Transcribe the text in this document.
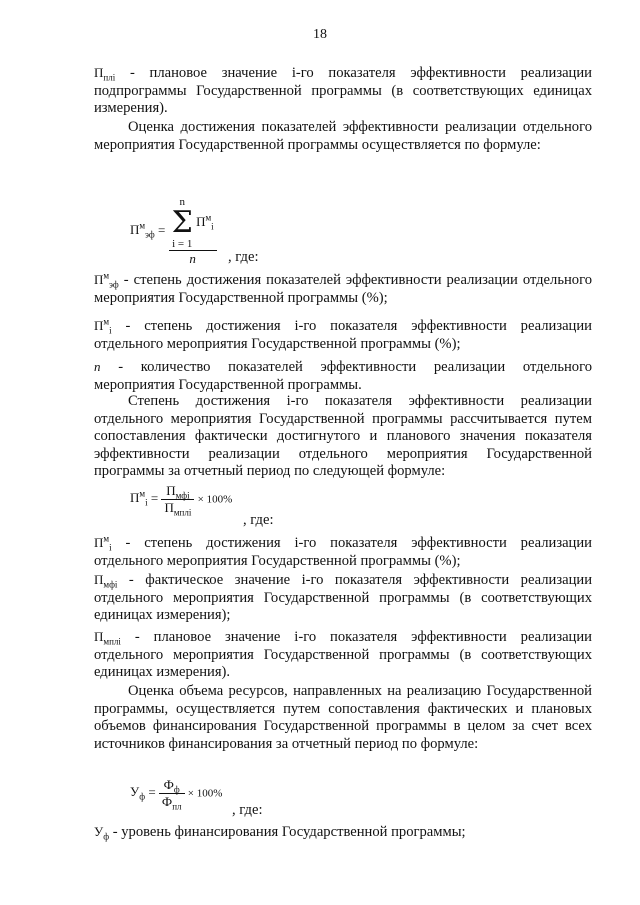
18
$П_{плi}$ - плановое значение i-го показателя эффективности реализации подпрограммы Государственной программы (в соответствующих единицах измерения).
Оценка достижения показателей эффективности реализации отдельного мероприятия Государственной программы осуществляется по формуле:
$П^м_{эф} = n$
Σ
i = 1
$П^м_i$
n , где:
$П^м_{эф}$ - степень достижения показателей эффективности реализации отдельного мероприятия Государственной программы (%);
$П^м_i$ - степень достижения i-го показателя эффективности реализации отдельного мероприятия Государственной программы (%);
n - количество показателей эффективности реализации отдельного мероприятия Государственной программы.
Степень достижения i-го показателя эффективности реализации отдельного мероприятия Государственной программы рассчитывается путем сопоставления фактически достигнутого и планового значения показателя эффективности реализации отдельного мероприятия Государственной программы за отчетный период по следующей формуле:
$П^м_i = \frac{П_{мфi}}{П_{мплi}} \times 100\%$
, где:
$П^м_i$ - степень достижения i-го показателя эффективности реализации отдельного мероприятия Государственной программы (%);
$П_{мфi}$ - фактическое значение i-го показателя эффективности реализации отдельного мероприятия Государственной программы (в соответствующих единицах измерения);
$П_{мплi}$ - плановое значение i-го показателя эффективности реализации отдельного мероприятия Государственной программы (в соответствующих единицах измерения).
Оценка объема ресурсов, направленных на реализацию Государственной программы, осуществляется путем сопоставления фактических и плановых объемов финансирования Государственной программы в целом за счет всех источников финансирования за отчетный период по формуле:
$У_ф = \frac{Ф_ф}{Ф_{пл}} \times 100\%$
, где:
$У_ф$ - уровень финансирования Государственной программы;
